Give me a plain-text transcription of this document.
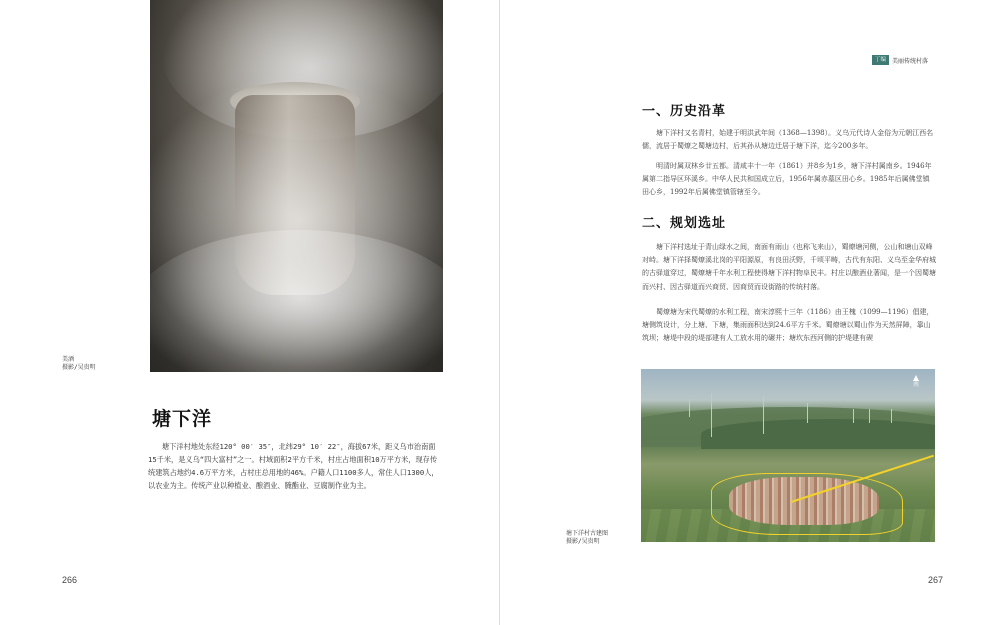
美酒
摄影/吴贵明
塘下洋

塘下洋村地处东经120° 00′ 35″，北纬29° 10′ 22″，海拔67米，距义乌市治南面15千米，是义乌“四大富村”之一。村域面积2平方千米，村庄占地面积10万平方米，现存传统建筑占地约4.6万平方米，占村庄总用地的46%。户籍人口1100多人，常住人口1300人，以农业为主。传统产业以种植业、酿酒业、腌酯业、豆腐制作业为主。

266
丁编	美丽传统村落
一、历史沿革

塘下洋村又名青村，始建于明洪武年间（1368—1398）。义乌元代诗人金俗为元朝江西名儒，流居于蜀燎之蜀塘边村，后其孙从塘边迁居于塘下洋，迄今200多年。

明清时属双林乡廿五都。清咸丰十一年（1861）并8乡为1乡，塘下洋村属南乡。1946年属第二指导区环溪乡。中华人民共和国成立后，1956年属赤墓区田心乡。1985年后属佛堂镇田心乡，1992年后属佛堂镇管辖至今。

二、规划选址

塘下洋村选址于青山绿水之间，南面有雨山（也称飞来山），蜀燎塘河侧，公山和塘山双峰对峙。塘下洋择蜀燎溪北岗的平阳源原，有良田沃野，千顷平畴，古代有东阳、义乌至金华府城的古驿道穿过，蜀燎塘千年水利工程使得塘下洋村物阜民丰。村庄以酿酒业著闻，是一个因蜀塘而兴村、因古驿道而兴商贸、因商贸而设街路的传统村落。

蜀燎塘为宋代蜀燎的水利工程，南宋淳熙十三年（1186）由王槐（1099—1196）倡建，塘侧筑设计，分上塘、下塘，集雨面积达到24.6平方千米。蜀燎塘以蜀山作为天然屏障，靠山筑坝；塘堤中段的堤部建有人工放水用的碾井；塘坎东西河侧的护堤建有碶

塘下洋村古建图
摄影/吴贵明
南
267
